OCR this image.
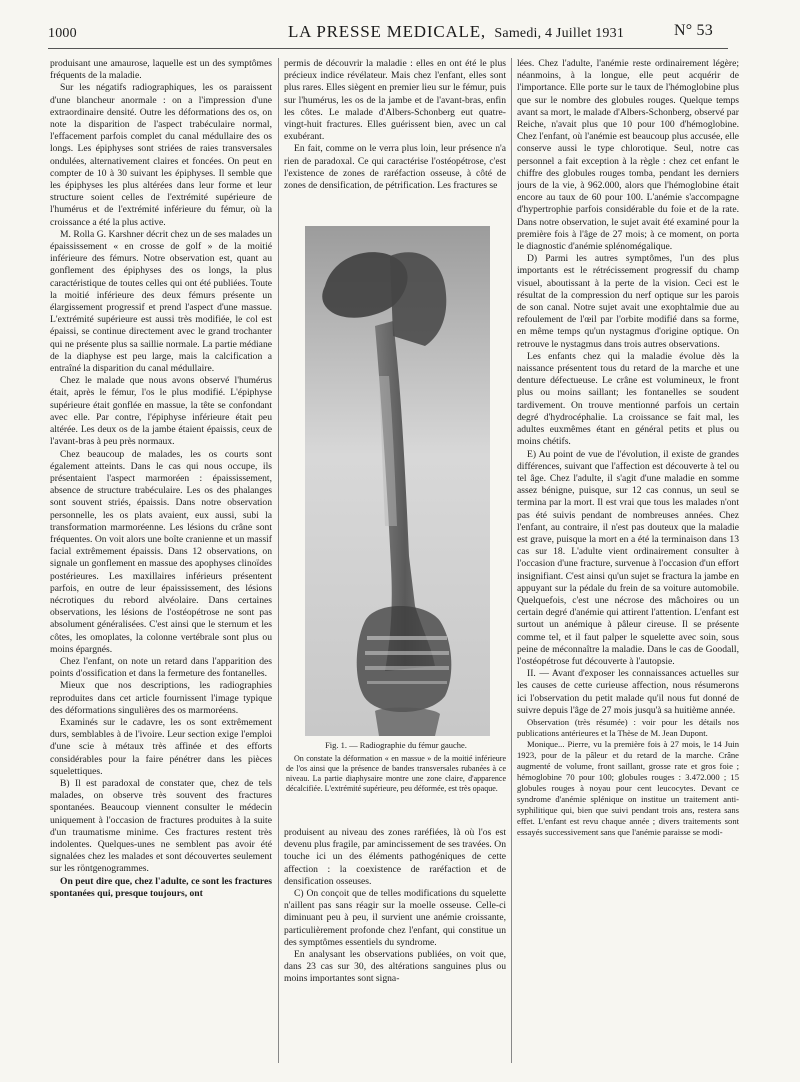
1000	LA PRESSE MEDICALE, Samedi, 4 Juillet 1931	N° 53

produisant une amaurose, laquelle est un des symptômes fréquents de la maladie.

Sur les négatifs radiographiques, les os paraissent d'une blancheur anormale : on a l'impression d'une extraordinaire densité. Outre les déformations des os, on note la disparition de l'aspect trabéculaire normal, l'effacement parfois complet du canal médullaire des os longs. Les épiphyses sont striées de raies transversales ondulées, alternativement claires et foncées. On peut en compter de 10 à 30 suivant les épiphyses. Il semble que les épiphyses les plus altérées dans leur forme et leur structure soient celles de l'extrémité supérieure de l'humérus et de l'extrémité inférieure du fémur, où la croissance a été la plus active.

M. Rolla G. Karshner décrit chez un de ses malades un épaississement « en crosse de golf » de la moitié inférieure des fémurs. Notre observation est, quant au gonflement des épiphyses des os longs, la plus caractéristique de toutes celles qui ont été publiées. Toute la moitié inférieure des deux fémurs présente un élargissement progressif et prend l'aspect d'une massue. L'extrémité supérieure est aussi très modifiée, le col est épaissi, se continue directement avec le grand trochanter qui ne présente plus sa saillie normale. La partie médiane de la diaphyse est peu large, mais la calcification a entraîné la disparition du canal médullaire.

Chez le malade que nous avons observé l'humérus était, après le fémur, l'os le plus modifié. L'épiphyse supérieure était gonflée en massue, la tête se confondant avec elle. Par contre, l'épiphyse inférieure était peu altérée. Les deux os de la jambe étaient épaissis, ceux de l'avant-bras à peu près normaux.

Chez beaucoup de malades, les os courts sont également atteints. Dans le cas qui nous occupe, ils présentaient l'aspect marmoréen : épaississement, absence de structure trabéculaire. Les os des phalanges sont souvent striés, épaissis. Dans notre observation personnelle, les os plats avaient, eux aussi, subi la transformation marmoréenne. Les lésions du crâne sont fréquentes. On voit alors une boîte cranienne et un massif facial extrêmement épaissis. Dans 12 observations, on signale un gonflement en massue des apophyses clinoïdes postérieures. Les maxillaires inférieurs présentent parfois, en outre de leur épaississement, des lésions nécrotiques du rebord alvéolaire. Dans certaines observations, les lésions de l'ostéopétrose ne sont pas absolument généralisées. C'est ainsi que le sternum et les côtes, les omoplates, la colonne vertébrale sont plus ou moins épargnés.

Chez l'enfant, on note un retard dans l'apparition des points d'ossification et dans la fermeture des fontanelles.

Mieux que nos descriptions, les radiographies reproduites dans cet article fournissent l'image typique des déformations singulières des os marmoréens.

Examinés sur le cadavre, les os sont extrêmement durs, semblables à de l'ivoire. Leur section exige l'emploi d'une scie à métaux très affinée et des efforts considérables pour la faire pénétrer dans les pièces squelettiques.

B) Il est paradoxal de constater que, chez de tels malades, on observe très souvent des fractures spontanées. Beaucoup viennent consulter le médecin uniquement à l'occasion de fractures produites à la suite d'un traumatisme minime. Ces fractures restent très indolentes. Quelques-unes ne semblent pas avoir été signalées chez les malades et sont découvertes seulement sur les röntgenogrammes.

On peut dire que, chez l'adulte, ce sont les fractures spontanées qui, presque toujours, ont

permis de découvrir la maladie : elles en ont été le plus précieux indice révélateur. Mais chez l'enfant, elles sont plus rares. Elles siègent en premier lieu sur le fémur, puis sur l'humérus, les os de la jambe et de l'avant-bras, enfin les côtes. Le malade d'Albers-Schonberg eut quatre-vingt-huit fractures. Elles guérissent bien, avec un cal exubérant.

En fait, comme on le verra plus loin, leur présence n'a rien de paradoxal. Ce qui caractérise l'ostéopétrose, c'est l'existence de zones de raréfaction osseuse, à côté de zones de densification, de pétrification. Les fractures se

Fig. 1. — Radiographie du fémur gauche.

On constate la déformation « en massue » de la moitié inférieure de l'os ainsi que la présence de bandes transversales rubanées à ce niveau. La partie diaphysaire montre une zone claire, d'apparence décalcifiée. L'extrémité supérieure, peu déformée, est très opaque.

produisent au niveau des zones raréfiées, là où l'os est devenu plus fragile, par amincissement de ses travées. On touche ici un des éléments pathogéniques de cette affection : la coexistence de raréfaction et de densification osseuses.

C) On conçoit que de telles modifications du squelette n'aillent pas sans réagir sur la moelle osseuse. Celle-ci diminuant peu à peu, il survient une anémie croissante, particulièrement profonde chez l'enfant, qui constitue un des symptômes essentiels du syndrome.

En analysant les observations publiées, on voit que, dans 23 cas sur 30, des altérations sanguines plus ou moins importantes sont signa-

lées. Chez l'adulte, l'anémie reste ordinairement légère; néanmoins, à la longue, elle peut acquérir de l'importance. Elle porte sur le taux de l'hémoglobine plus que sur le nombre des globules rouges. Quelque temps avant sa mort, le malade d'Albers-Schonberg, observé par Reiche, n'avait plus que 10 pour 100 d'hémoglobine. Chez l'enfant, où l'anémie est beaucoup plus accusée, elle conserve aussi le type chlorotique. Seul, notre cas personnel a fait exception à la règle : chez cet enfant le chiffre des globules rouges tomba, pendant les derniers jours de la vie, à 962.000, alors que l'hémoglobine était encore au taux de 60 pour 100. L'anémie s'accompagne d'hypertrophie parfois considérable du foie et de la rate. Dans notre observation, le sujet avait été examiné pour la première fois à l'âge de 27 mois; à ce moment, on porta le diagnostic d'anémie splénomégalique.

D) Parmi les autres symptômes, l'un des plus importants est le rétrécissement progressif du champ visuel, aboutissant à la perte de la vision. Ceci est le résultat de la compression du nerf optique sur les parois de son canal. Notre sujet avait une exophtalmie due au refoulement de l'œil par l'orbite modifié dans sa forme, en même temps qu'un nystagmus d'origine optique. On retrouve le nystagmus dans trois autres observations.

Les enfants chez qui la maladie évolue dès la naissance présentent tous du retard de la marche et une denture défectueuse. Le crâne est volumineux, le front plus ou moins saillant; les fontanelles se soudent tardivement. On trouve mentionné parfois un certain degré d'hydrocéphalie. La croissance se fait mal, les adultes euxmêmes étant en général petits et plus ou moins chétifs.

E) Au point de vue de l'évolution, il existe de grandes différences, suivant que l'affection est découverte à tel ou tel âge. Chez l'adulte, il s'agit d'une maladie en somme assez bénigne, puisque, sur 12 cas connus, un seul se termina par la mort. Il est vrai que tous les malades n'ont pas été suivis pendant de nombreuses années. Chez l'enfant, au contraire, il n'est pas douteux que la maladie est grave, puisque la mort en a été la terminaison dans 13 cas sur 18. L'adulte vient ordinairement consulter à l'occasion d'une fracture, survenue à l'occasion d'un effort insignifiant. C'est ainsi qu'un sujet se fractura la jambe en appuyant sur la pédale du frein de sa voiture automobile. Quelquefois, c'est une nécrose des mâchoires ou un certain degré d'anémie qui attirent l'attention. L'enfant est surtout un anémique à pâleur cireuse. Il se présente comme tel, et il faut palper le squelette avec soin, sous peine de méconnaître la maladie. Dans le cas de Goodall, l'ostéopétrose fut découverte à l'autopsie.

II. — Avant d'exposer les connaissances actuelles sur les causes de cette curieuse affection, nous résumerons ici l'observation du petit malade qu'il nous fut donné de suivre depuis l'âge de 27 mois jusqu'à sa huitième année.

Observation (très résumée) : voir pour les détails nos publications antérieures et la Thèse de M. Jean Dupont.

Monique... Pierre, vu la première fois à 27 mois, le 14 Juin 1923, pour de la pâleur et du retard de la marche. Crâne augmenté de volume, front saillant, grosse rate et gros foie ; hémoglobine 70 pour 100; globules rouges : 3.472.000 ; 15 globules rouges à noyau pour cent leucocytes. Devant ce syndrome d'anémie splénique on institue un traitement anti-syphilitique qui, bien que suivi pendant trois ans, restera sans effet. L'enfant est revu chaque année ; divers traitements sont essayés successivement sans que l'anémie paraisse se modi-
